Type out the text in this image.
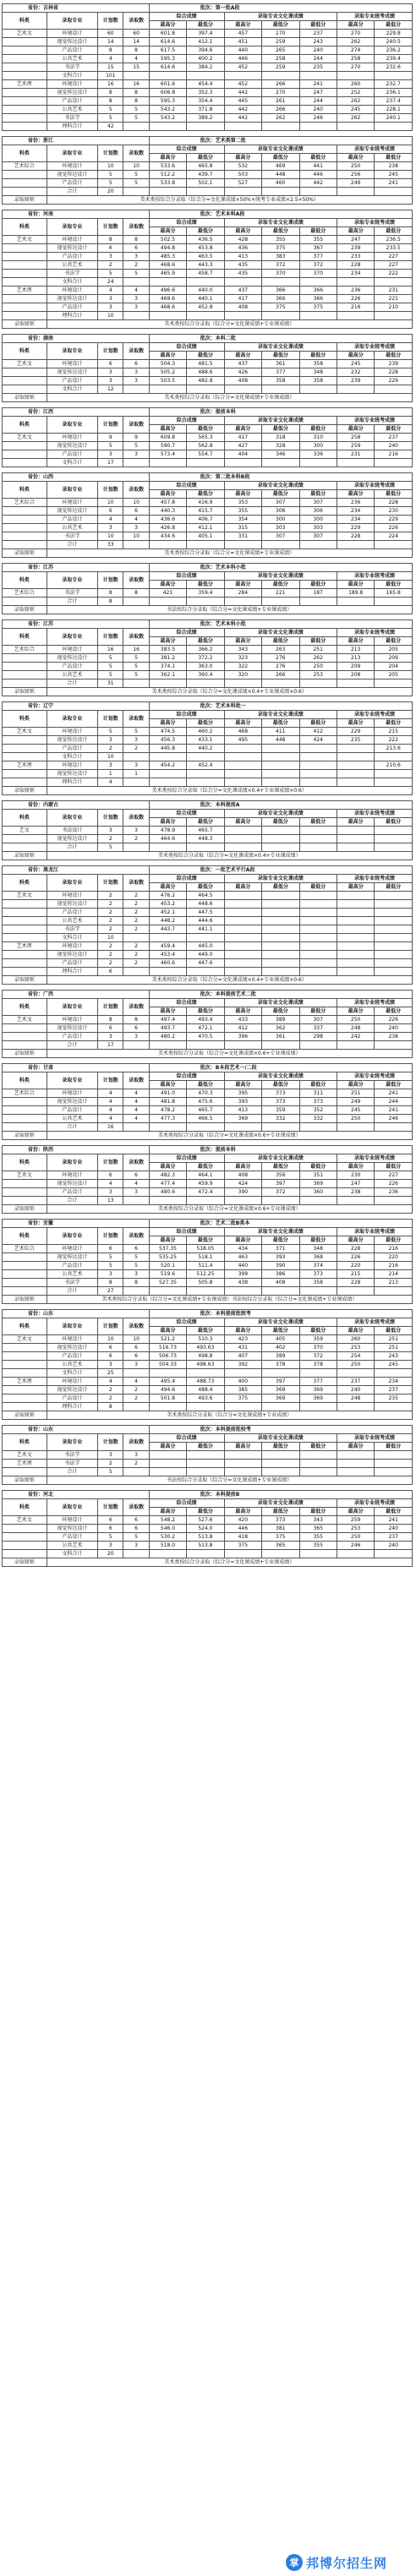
省份：吉林省				批次：第一批A段						
科类	录取专业	计划数	录取数	综合成绩		录取专业文化课成绩			录取专业统考成绩	
				最高分	最低分	最高分	最低分	最低分	最高分	最低分
艺术文	环境设计	60	60	601.8	397.4	457	270	237	270	229.8
	视觉传达设计	14	14	614.6	412.1	451	259	243	262	240.5
	产品设计	8	8	617.5	394.6	440	265	240	274	236.2
	公共艺术	4	4	595.3	400.2	446	258	244	258	239.4
	书法学	15	15	614.6	384.2	452	259	235	270	232.6
	文科合计	101								
艺术理	环境设计	16	16	601.6	454.4	452	266	241	260	232.7
	视觉传达设计	8	8	606.8	352.3	442	270	247	252	236.1
	产品设计	8	8	595.3	354.4	445	261	244	262	237.4
	公共艺术	5	5	543.2	371.8	442	266	240	245	228.1
	书法学	5	5	543.2	389.2	442	262	246	262	240.1
	理科合计	42								
省份：浙江				批次：艺术类第二批						
科类	录取专业	计划数	录取数	综合成绩		录取专业文化课成绩			录取专业统考成绩	
				最高分	最低分	最高分	最低分	最低分	最高分	最低分
艺术综合	环境设计	10	10	533.6	465.8	532	469	441	250	238
	视觉传达设计	5	5	512.2	439.7	503	448	446	256	245
	产品设计	5	5	533.8	502.1	527	460	442	249	241
	合计	20								
录取原则	美术类按综合分录取（综合分=文化课成绩×50%+统考专业成绩×2.5×50%）									
省份：河南				批次：艺术本科A段						
科类	录取专业	计划数	录取数	综合成绩		录取专业文化课成绩			录取专业统考成绩	
				最高分	最低分	最高分	最低分	最低分	最高分	最低分
艺术文	环境设计	8	8	502.5	436.5	428	355	355	247	236.5
	视觉传达设计	6	6	494.8	453.8	436	375	367	239	233.5
	产品设计	3	3	485.3	463.5	413	383	377	233	227
	公共艺术	2	2	468.6	443.3	435	372	372	228	227
	书法学	5	5	465.9	458.7	435	370	370	234	222
	文科合计	24								
艺术理	环境设计	4	4	496.6	440.0	437	366	366	236	231
	视觉传达设计	3	3	469.6	440.1	417	366	366	226	221
	产品设计	3	3	468.6	452.8	408	375	375	216	210
	理科合计	10								
录取原则	美术类按综合分录取（综合分=文化课成绩+专业课成绩）									
省份：湖南				批次：本科二批						
科类	录取专业	计划数	录取数	综合成绩		录取专业文化课成绩			录取专业统考成绩	
				最高分	最低分	最高分	最低分	最低分	最高分	最低分
艺术文	环境设计	6	6	504.3	481.5	437	361	358	245	239
	视觉传达设计	3	3	505.2	488.6	426	377	348	232	228
	产品设计	3	3	503.5	482.8	408	358	358	239	229
	文科合计	12								
录取原则	美术类按综合分录取（综合分=文化课成绩+专业课成绩）									
省份：江西				批次：提前本科						
科类	录取专业	计划数	录取数	综合成绩		录取专业文化课成绩			录取专业统考成绩	
				最高分	最低分	最高分	最低分	最低分	最高分	最低分
艺术文	环境设计	9	9	609.8	565.3	417	318	310	258	237
	视觉传达设计	5	5	590.7	562.8	427	328	300	259	240
	产品设计	3	3	573.4	554.7	404	346	336	231	216
	文科合计	17								
省份：山西				批次：第二批本科B段						
科类	录取专业	计划数	录取数	综合成绩		录取专业文化课成绩			录取专业统考成绩	
				最高分	最低分	最高分	最低分	最低分	最高分	最低分
艺术综合	环境设计	10	10	457.8	416.9	353	307	307	236	228
	视觉传达设计	6	6	440.3	415.7	355	306	306	234	230
	产品设计	4	4	436.6	406.7	354	300	300	234	229
	公共艺术	3	3	426.8	412.1	315	303	303	229	226
	书法学	10	10	434.6	405.1	331	307	307	228	224
	合计	33								
录取原则	美术类按综合分录取（综合分=文化课成绩+专业课成绩）									
省份：江苏				批次：艺术本科小批						
科类	录取专业	计划数	录取数	综合成绩		录取专业文化课成绩			录取专业统考成绩	
				最高分	最低分	最高分	最低分	最低分	最高分	最低分
艺术综合	书法学	8	8	421	359.4	284	221	187	189.8	165.8
	合计	8								
录取原则	书法按综合分录取（综合分=文化课成绩+专业课成绩）									
省份：江苏				批次：艺术本科小批						
科类	录取专业	计划数	录取数	综合成绩		录取专业文化课成绩			录取专业统考成绩	
				最高分	最低分	最高分	最低分	最低分	最高分	最低分
艺术综合	环境设计	16	16	383.5	366.2	343	263	251	213	205
	视觉传达设计	5	5	381.2	372.2	323	276	262	213	209
	产品设计	5	5	374.1	363.0	322	276	250	209	204
	公共艺术	5	5	362.1	360.4	320	266	253	208	205
	合计	31								
录取原则	美术类按综合分录取（综合分=文化课成绩×0.4+专业课成绩×0.6）									
省份：辽宁				批次：艺术本科批一						
科类	录取专业	计划数	录取数	综合成绩		录取专业文化课成绩			录取专业统考成绩	
				最高分	最低分	最高分	最低分	最低分	最高分	最低分
艺术文	环境设计	5	5	474.5	460.2	468	411	412	229	215
	视觉传达设计	3	3	456.3	433.1	495	448	424	235	222
	产品设计	2	2	445.8	440.2					213.6
	文科合计	10								
艺术理	环境设计	3	3	454.2	452.4					210.6
	视觉传达设计	1	1							
	理科合计	4								
录取原则	美术类按综合分录取（综合分=文化课成绩×0.4+专业课成绩×0.6）									
省份：内蒙古				批次：本科提前A						
科类	录取专业	计划数	录取数	综合成绩		录取专业文化课成绩			录取专业统考成绩	
				最高分	最低分	最高分	最低分	最低分	最高分	最低分
艺文	书法设计	3	3	478.9	465.7					
	视觉传达设计	2	2	464.6	448.3					
	合计	5								
录取原则	美术类按综合分录取（综合分=文化课成绩×0.4+专业课成绩）									
省份：黑龙江				批次：一批艺术平行A段						
科类	录取专业	计划数	录取数	综合成绩		录取专业文化课成绩			录取专业统考成绩	
				最高分	最低分	最高分	最低分	最低分	最高分	最低分
艺术文	环境设计	2	2	476.2	464.5					
	视觉传达设计	2	2	453.2	448.6					
	产品设计	2	2	452.1	447.5					
	公共艺术	2	2	448.2	444.6					
	书法学	2	2	443.7	441.1					
	文科合计	10								
艺术理	环境设计	2	2	459.4	445.0					
	视觉传达设计	2	2	453.4	449.0					
	产品设计	2	2	460.6	447.6					
	理科合计	6								
录取原则	美术类按综合分录取（综合分=文化课成绩×0.4+专业课成绩×0.6）									
省份：广西				批次：本科提前艺术二批						
科类	录取专业	计划数	录取数	综合成绩		录取专业文化课成绩			录取专业统考成绩	
				最高分	最低分	最高分	最低分	最低分	最高分	最低分
艺术文	环境设计	8	8	497.4	493.4	433	389	307	250	226
	视觉传达设计	6	6	493.7	472.1	412	362	337	248	240
	产品设计	3	3	480.2	470.5	396	361	298	242	238
	合计	17								
录取原则	美术类按综合分录取（综合分=文化课成绩×0.6+专业课成绩）									
省份：甘肃				批次：B本段艺术一/二段						
科类	录取专业	计划数	录取数	综合成绩		录取专业文化课成绩			录取专业统考成绩	
				最高分	最低分	最高分	最低分	最低分	最高分	最低分
艺术综合	环境设计	4	4	491.0	470.3	395	373	311	251	241
	视觉传达设计	4	4	481.8	475.6	393	373	373	249	244
	产品设计	4	4	478.2	465.7	413	359	352	245	241
	公共艺术	4	4	477.3	466.5	369	332	332	250	246
	合计	16								
录取原则	美术类按综合分录取（综合分=文化课成绩×0.6+专业课成绩）									
省份：陕西				批次：提前本科						
科类	录取专业	计划数	录取数	综合成绩		录取专业文化课成绩			录取专业统考成绩	
				最高分	最低分	最高分	最低分	最低分	最高分	最低分
艺术文	环境设计	6	6	482.3	464.1	408	356	351	230	227
	视觉传达设计	4	4	477.4	459.9	424	397	369	247	226
	产品设计	3	3	480.6	472.4	390	372	360	238	236
	合计	13								
录取原则	美术类按综合分录取（综合分=文化课成绩×0.6+专业课成绩）									
省份：安徽				批次：艺术二批B类本						
科类	录取专业	计划数	录取数	综合成绩		录取专业文化课成绩			录取专业统考成绩	
				最高分	最低分	最高分	最低分	最低分	最高分	最低分
艺术综合	环境设计	6	6	537.35	518.05	434	371	348	228	216
	视觉传达设计	5	5	535.25	518.1	463	393	368	226	220
	产品设计	5	5	520.1	511.4	440	390	374	220	216
	公共艺术	3	3	519.6	512.25	399	386	373	215	214
	书法学	8	8	527.35	505.8	438	408	358	228	213
	合计	27								
录取原则	美术类按综合分录取（综合分=文化课成绩+专业课成绩）书法按综合分录取（综合分=文化课成绩+专业课成绩）									
省份：山东				批次：本科提前批统考						
科类	录取专业	计划数	录取数	综合成绩		录取专业文化课成绩			录取专业统考成绩	
				最高分	最低分	最高分	最低分	最低分	最高分	最低分
艺术文	环境设计	10	10	521.2	510.3	423	405	359	260	251
	视觉传达设计	6	6	516.73	493.63	431	402	370	253	251
	产品设计	6	6	506.73	498.8	407	389	372	254	243
	公共艺术	3	3	504.33	498.63	392	378	378	250	245
	文科合计	25								
艺术理	环境设计	4	4	495.4	488.73	400	397	377	237	234
	视觉传达设计	2	2	494.6	488.4	385	369	369	240	237
	产品设计	2	2	501.8	493.6	375	369	369	248	235
	理科合计	8								
录取原则	美术类按综合分录取（综合分=文化课成绩+专业成绩）									
省份：山东				批次：本科提前批校考						
科类	录取专业	计划数	录取数	综合成绩		录取专业文化课成绩			录取专业统考成绩	
				最高分	最低分	最高分	最低分	最低分	最高分	最低分
艺术文	书法学	3	3							
艺术理	书法学	2	2							
	合计	5								
录取原则	书法按综合分录取（综合分=文化课成绩+专业课成绩）									
省份：河北				批次：本科提前B						
科类	录取专业	计划数	录取数	综合成绩		录取专业文化课成绩			录取专业统考成绩	
				最高分	最低分	最高分	最低分	最低分	最高分	最低分
艺术文	环境设计	6	6	548.2	527.6	420	373	343	259	241
	视觉传达设计	6	6	546.0	524.0	446	381	365	253	240
	产品设计	5	5	530.2	513.8	418	375	355	250	237
	公共艺术	3	3	518.0	513.8	375	365	355	246	240
	文科合计	20								
录取原则	美术类按综合分录取（综合分=文化课成绩+专业课成绩）									
掌 邦博尔招生网
